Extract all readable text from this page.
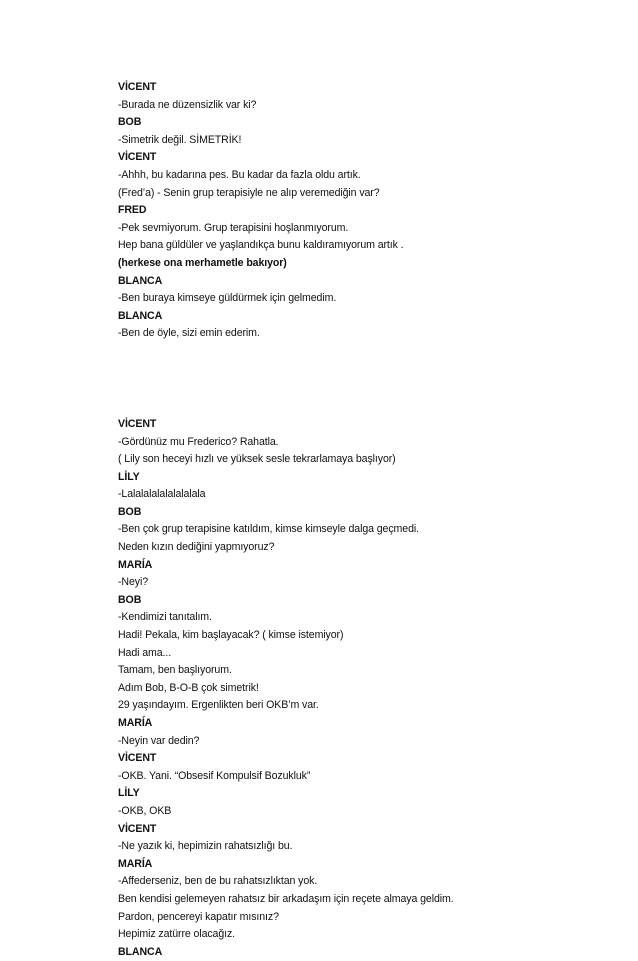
VİCENT
-Burada ne düzensizlik var ki?
BOB
-Simetrik değil. SİMETRİK!
VİCENT
-Ahhh, bu kadarına pes. Bu kadar da fazla oldu artık.
(Fred’a) - Senin grup terapisiyle ne alıp veremediğin var?
FRED
-Pek sevmiyorum. Grup terapisini hoşlanmıyorum.
Hep bana güldüler ve yaşlandıkça bunu kaldıramıyorum artık .
(herkese ona merhametle bakıyor)
BLANCA
-Ben buraya kimseye güldürmek için gelmedim.
BLANCA
-Ben de öyle, sizi emin ederim.
VİCENT
-Gördünüz mu Frederico? Rahatla.
( Lily son heceyi hızlı ve yüksek sesle tekrarlamaya başlıyor)
LİLY
-Lalalalalalalalalala
BOB
-Ben çok grup terapisine katıldım, kimse kimseyle dalga geçmedi.
Neden kızın dediğini yapmıyoruz?
MARÍA
-Neyi?
BOB
-Kendimizi tanıtalım.
Hadi! Pekala, kim başlayacak? ( kimse istemiyor)
Hadi ama...
Tamam, ben başlıyorum.
Adım Bob, B-O-B çok simetrik!
29 yaşındayım. Ergenlikten beri OKB’m var.
MARÍA
-Neyin var dedin?
VİCENT
-OKB. Yani. “Obsesif Kompulsif Bozukluk”
LİLY
-OKB, OKB
VİCENT
-Ne yazık ki, hepimizin rahatsızlığı bu.
MARÍA
-Affederseniz, ben de bu rahatsızlıktan yok.
Ben kendisi gelemeyen rahatsız bir arkadaşım için reçete almaya geldim.
Pardon, pencereyi kapatır mısınız?
Hepimiz zatürre olacağız.
BLANCA
